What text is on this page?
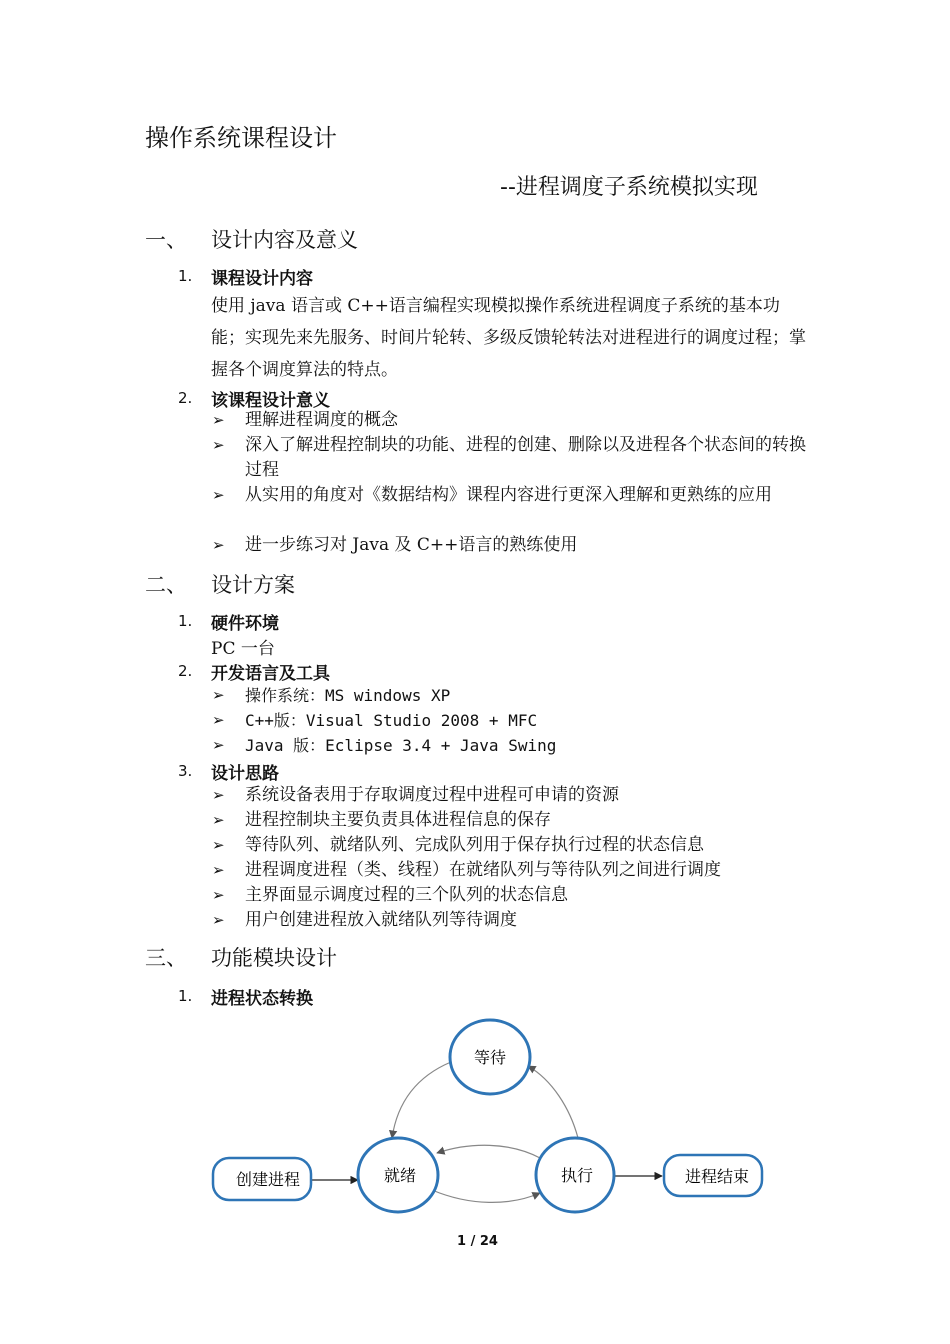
操作系统课程设计
--进程调度子系统模拟实现
一、 设计内容及意义
1. 课程设计内容
使用 java 语言或 C++语言编程实现模拟操作系统进程调度子系统的基本功能；实现先来先服务、时间片轮转、多级反馈轮转法对进程进行的调度过程；掌握各个调度算法的特点。
2. 该课程设计意义
➢ 理解进程调度的概念
➢ 深入了解进程控制块的功能、进程的创建、删除以及进程各个状态间的转换过程
➢ 从实用的角度对《数据结构》课程内容进行更深入理解和更熟练的应用
➢ 进一步练习对 Java 及 C++语言的熟练使用
二、 设计方案
1. 硬件环境
PC 一台
2. 开发语言及工具
➢ 操作系统：MS windows XP
➢ C++版：Visual Studio 2008 + MFC
➢ Java 版：Eclipse 3.4 + Java Swing
3. 设计思路
➢ 系统设备表用于存取调度过程中进程可申请的资源
➢ 进程控制块主要负责具体进程信息的保存
➢ 等待队列、就绪队列、完成队列用于保存执行过程的状态信息
➢ 进程调度进程（类、线程）在就绪队列与等待队列之间进行调度
➢ 主界面显示调度过程的三个队列的状态信息
➢ 用户创建进程放入就绪队列等待调度
三、 功能模块设计
1. 进程状态转换
等待
就绪	执行
创建进程	进程结束
1 / 24
